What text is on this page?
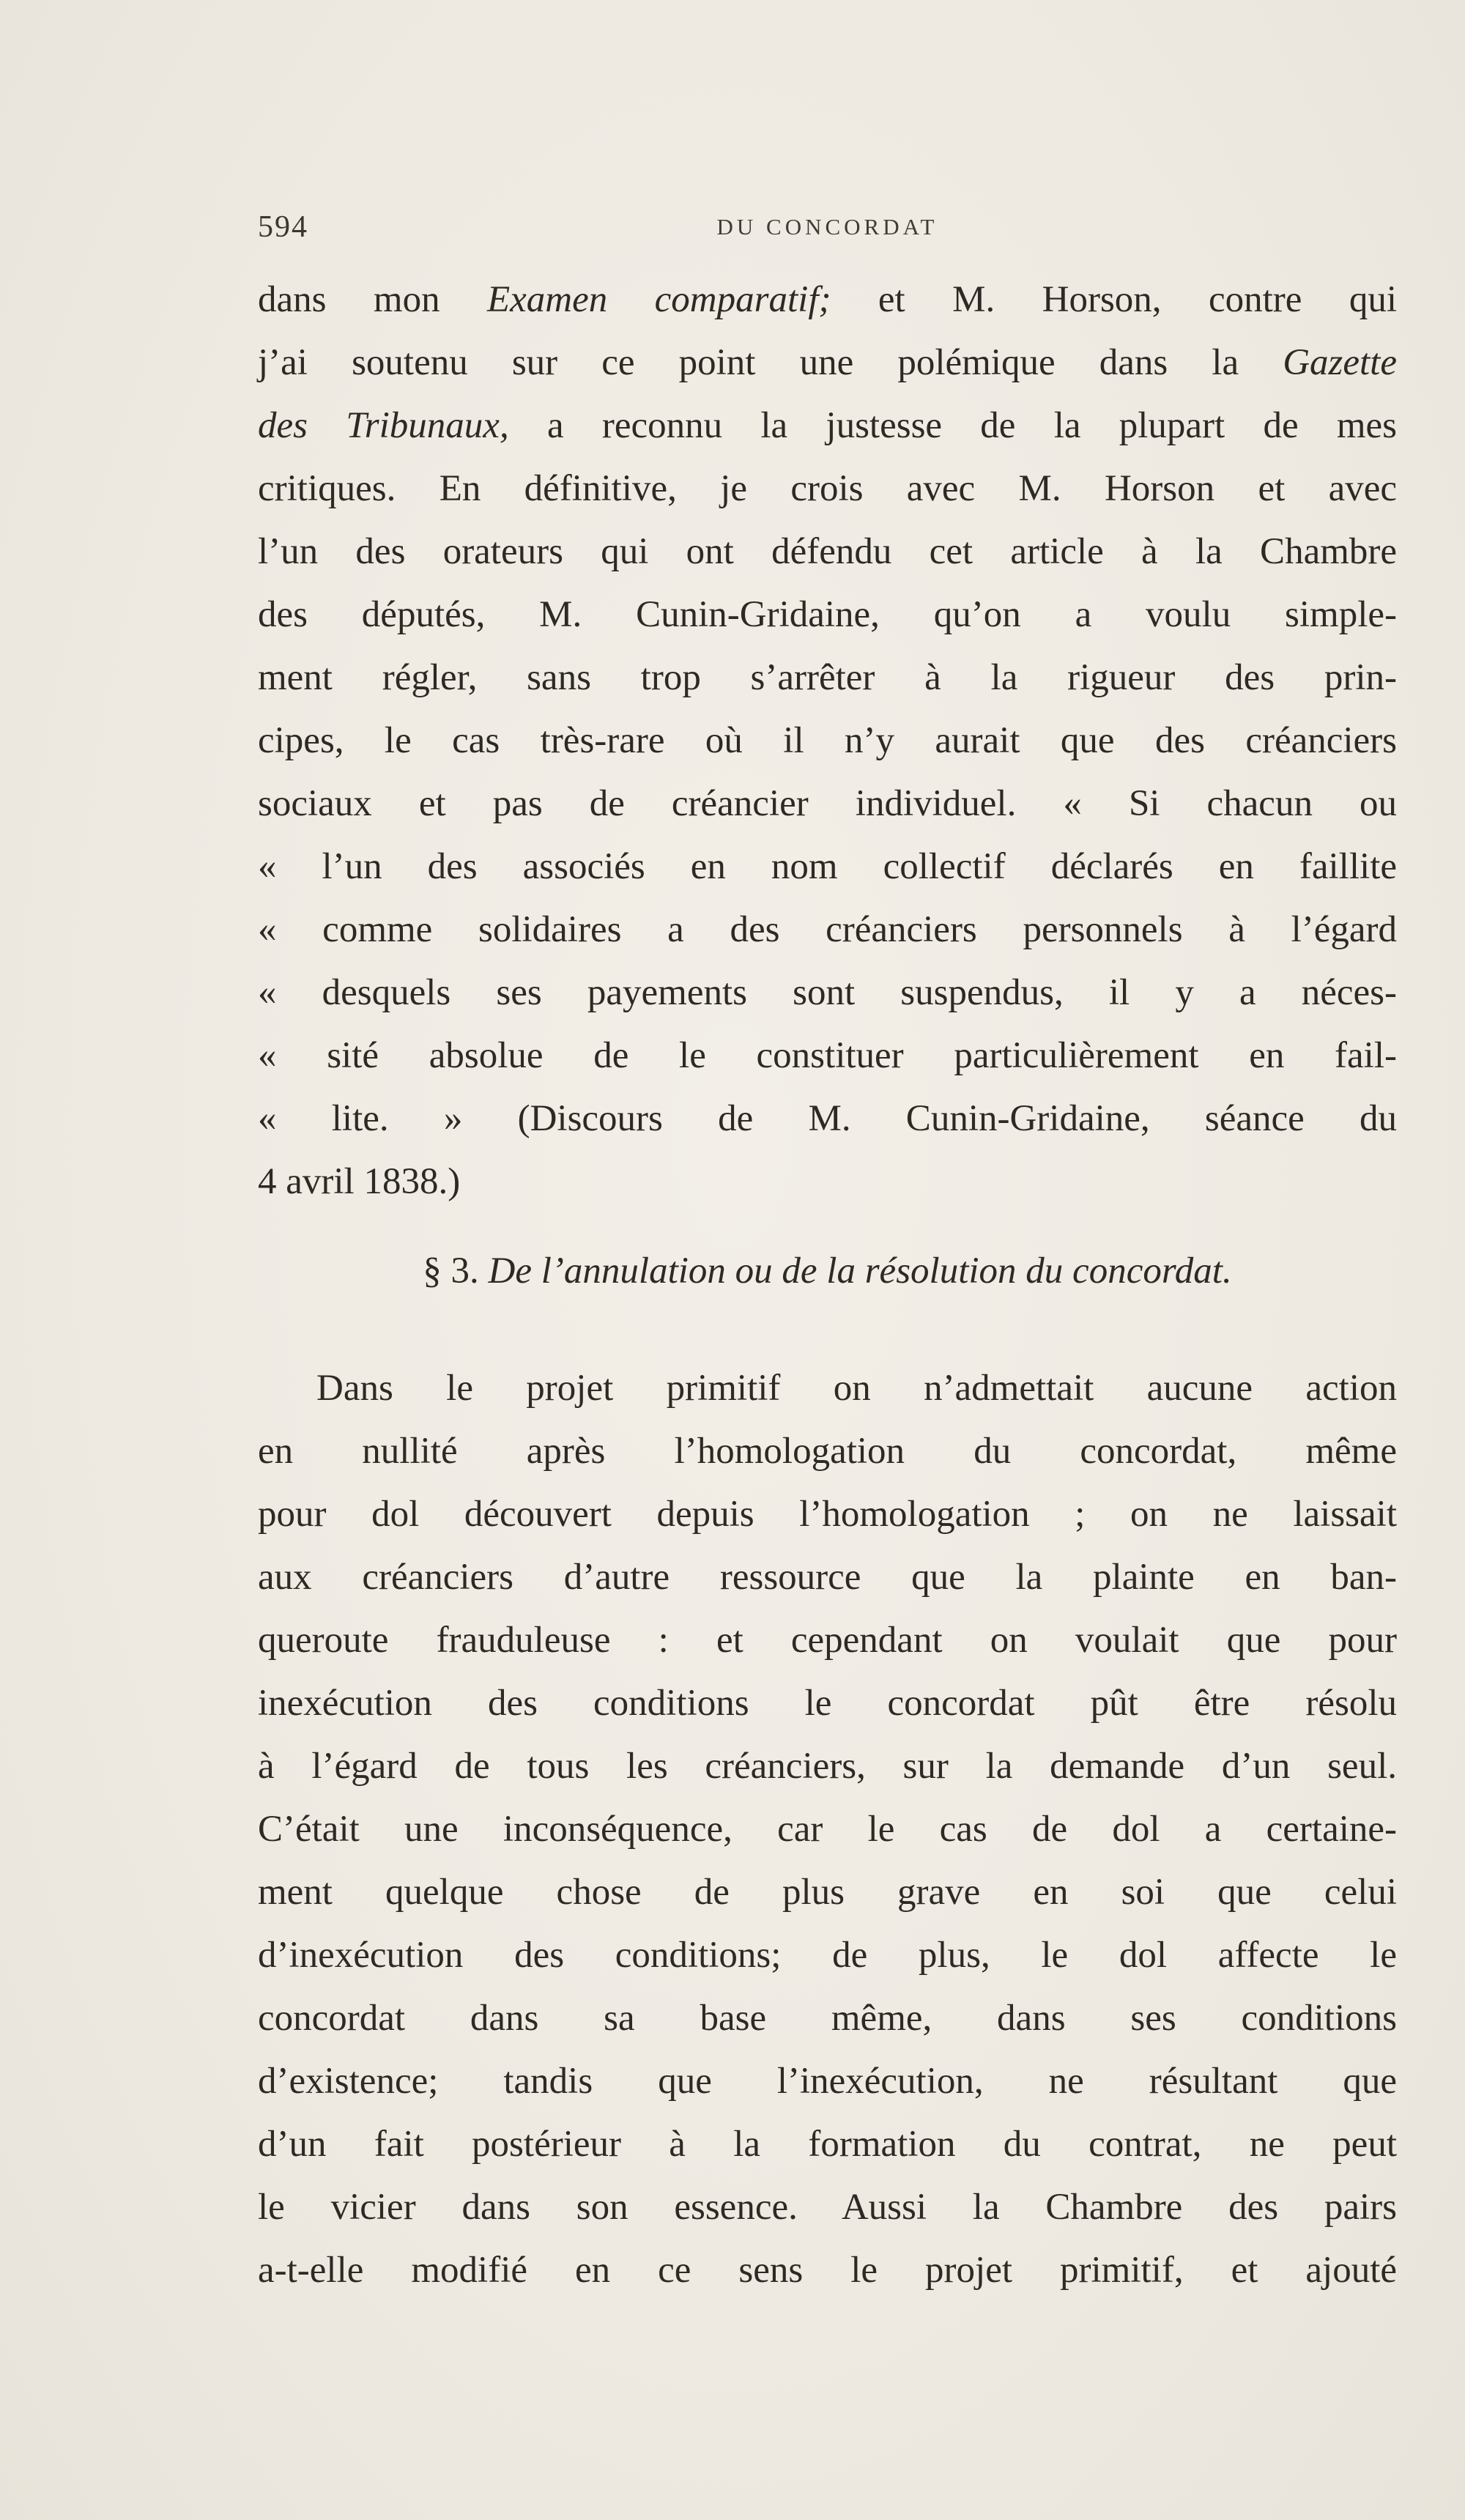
594	DU CONCORDAT
dans mon Examen comparatif; et M. Horson, contre qui
j’ai soutenu sur ce point une polémique dans la Gazette
des Tribunaux, a reconnu la justesse de la plupart de mes
critiques. En définitive, je crois avec M. Horson et avec
l’un des orateurs qui ont défendu cet article à la Chambre
des députés, M. Cunin-Gridaine, qu’on a voulu simple-
ment régler, sans trop s’arrêter à la rigueur des prin-
cipes, le cas très-rare où il n’y aurait que des créanciers
sociaux et pas de créancier individuel. « Si chacun ou
« l’un des associés en nom collectif déclarés en faillite
« comme solidaires a des créanciers personnels à l’égard
« desquels ses payements sont suspendus, il y a néces-
« sité absolue de le constituer particulièrement en fail-
« lite. » (Discours de M. Cunin-Gridaine, séance du
4 avril 1838.)
§ 3. De l’annulation ou de la résolution du concordat.
Dans le projet primitif on n’admettait aucune action
en nullité après l’homologation du concordat, même
pour dol découvert depuis l’homologation ; on ne laissait
aux créanciers d’autre ressource que la plainte en ban-
queroute frauduleuse : et cependant on voulait que pour
inexécution des conditions le concordat pût être résolu
à l’égard de tous les créanciers, sur la demande d’un seul.
C’était une inconséquence, car le cas de dol a certaine-
ment quelque chose de plus grave en soi que celui
d’inexécution des conditions; de plus, le dol affecte le
concordat dans sa base même, dans ses conditions
d’existence; tandis que l’inexécution, ne résultant que
d’un fait postérieur à la formation du contrat, ne peut
le vicier dans son essence. Aussi la Chambre des pairs
a-t-elle modifié en ce sens le projet primitif, et ajouté
